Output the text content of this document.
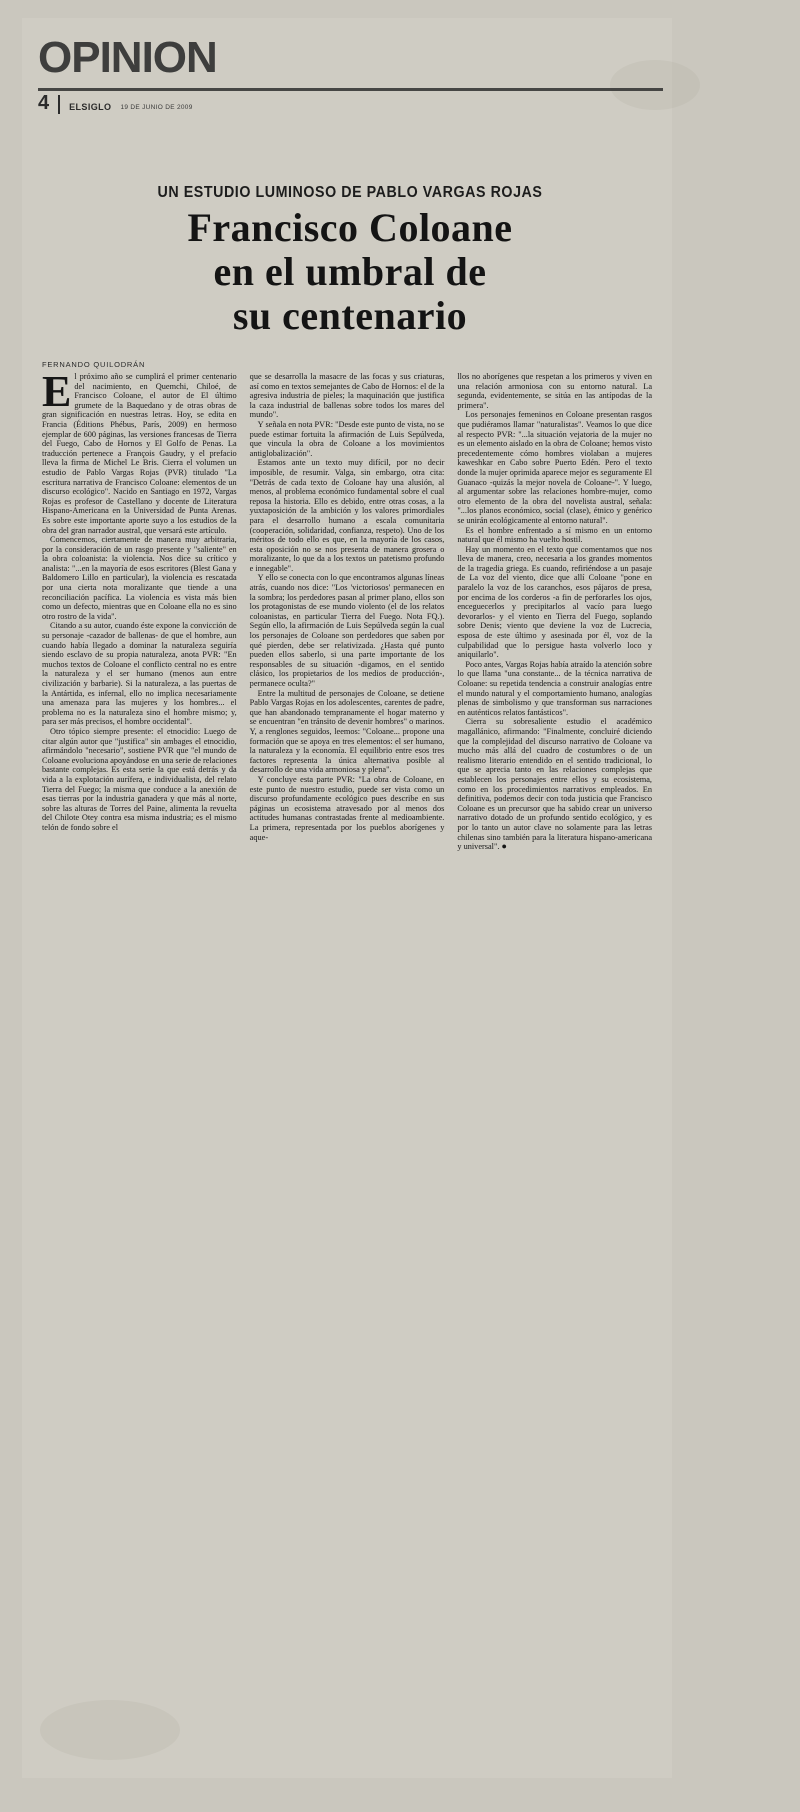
OPINION
4 ELSIGLO 19 DE JUNIO DE 2009
UN ESTUDIO LUMINOSO DE PABLO VARGAS ROJAS
Francisco Coloane
en el umbral de
su centenario
FERNANDO QUILODRÁN

El próximo año se cumplirá el primer centenario del nacimiento, en Quemchi, Chiloé, de Francisco Coloane, el autor de El último grumete de la Baquedano y de otras obras de gran significación en nuestras letras. Hoy, se edita en Francia (Éditions Phébus, París, 2009) en hermoso ejemplar de 600 páginas, las versiones francesas de Tierra del Fuego, Cabo de Hornos y El Golfo de Penas. La traducción pertenece a François Gaudry, y el prefacio lleva la firma de Michel Le Bris. Cierra el volumen un estudio de Pablo Vargas Rojas (PVR) titulado "La escritura narrativa de Francisco Coloane: elementos de un discurso ecológico". Nacido en Santiago en 1972, Vargas Rojas es profesor de Castellano y docente de Literatura Hispano-Americana en la Universidad de Punta Arenas. Es sobre este importante aporte suyo a los estudios de la obra del gran narrador austral, que versará este artículo.

Comencemos, ciertamente de manera muy arbitraria, por la consideración de un rasgo presente y "saliente" en la obra coloanista: la violencia. Nos dice su crítico y analista: "...en la mayoría de esos escritores (Blest Gana y Baldomero Lillo en particular), la violencia es rescatada por una cierta nota moralizante que tiende a una reconciliación pacífica. La violencia es vista más bien como un defecto, mientras que en Coloane ella no es sino otro rostro de la vida".

Citando a su autor, cuando éste expone la convicción de su personaje -cazador de ballenas- de que el hombre, aun cuando había llegado a dominar la naturaleza seguiría siendo esclavo de su propia naturaleza, anota PVR: "En muchos textos de Coloane el conflicto central no es entre la naturaleza y el ser humano (menos aun entre civilización y barbarie). Si la naturaleza, a las puertas de la Antártida, es infernal, ello no implica necesariamente una amenaza para las mujeres y los hombres... el problema no es la naturaleza sino el hombre mismo; y, para ser más precisos, el hombre occidental".

Otro tópico siempre presente: el etnocidio: Luego de citar algún autor que "justifica" sin ambages el etnocidio, afirmándolo "necesario", sostiene PVR que "el mundo de Coloane evoluciona apoyándose en una serie de relaciones bastante complejas. Es esta serie la que está detrás y da vida a la explotación aurífera, e individualista, del relato Tierra del Fuego; la misma que conduce a la anexión de esas tierras por la industria ganadera y que más al norte, sobre las alturas de Torres del Paine, alimenta la revuelta del Chilote Otey contra esa misma industria; es el mismo telón de fondo sobre el

que se desarrolla la masacre de las focas y sus criaturas, así como en textos semejantes de Cabo de Hornos: el de la agresiva industria de pieles; la maquinación que justifica la caza industrial de ballenas sobre todos los mares del mundo".

Y señala en nota PVR: "Desde este punto de vista, no se puede estimar fortuita la afirmación de Luis Sepúlveda, que vincula la obra de Coloane a los movimientos antiglobalización".

Estamos ante un texto muy difícil, por no decir imposible, de resumir. Valga, sin embargo, otra cita: "Detrás de cada texto de Coloane hay una alusión, al menos, al problema económico fundamental sobre el cual reposa la historia. Ello es debido, entre otras cosas, a la yuxtaposición de la ambición y los valores primordiales para el desarrollo humano a escala comunitaria (cooperación, solidaridad, confianza, respeto). Uno de los méritos de todo ello es que, en la mayoría de los casos, esta oposición no se nos presenta de manera grosera o moralizante, lo que da a los textos un patetismo profundo e innegable".

Y ello se conecta con lo que encontramos algunas líneas atrás, cuando nos dice: "Los 'victoriosos' permanecen en la sombra; los perdedores pasan al primer plano, ellos son los protagonistas de ese mundo violento (el de los relatos coloanistas, en particular Tierra del Fuego. Nota FQ.). Según ello, la afirmación de Luis Sepúlveda según la cual los personajes de Coloane son perdedores que saben por qué pierden, debe ser relativizada. ¿Hasta qué punto pueden ellos saberlo, si una parte importante de los responsables de su situación -digamos, en el sentido clásico, los propietarios de los medios de producción-, permanece oculta?"

Entre la multitud de personajes de Coloane, se detiene Pablo Vargas Rojas en los adolescentes, carentes de padre, que han abandonado tempranamente el hogar materno y se encuentran "en tránsito de devenir hombres" o marinos. Y, a renglones seguidos, leemos: "Coloane... propone una formación que se apoya en tres elementos: el ser humano, la naturaleza y la economía. El equilibrio entre esos tres factores representa la única alternativa posible al desarrollo de una vida armoniosa y plena".

Y concluye esta parte PVR: "La obra de Coloane, en este punto de nuestro estudio, puede ser vista como un discurso profundamente ecológico pues describe en sus páginas un ecosistema atravesado por al menos dos actitudes humanas contrastadas frente al medioambiente. La primera, representada por los pueblos aborígenes y aque-

llos no aborígenes que respetan a los primeros y viven en una relación armoniosa con su entorno natural. La segunda, evidentemente, se sitúa en las antípodas de la primera".

Los personajes femeninos en Coloane presentan rasgos que pudiéramos llamar "naturalistas". Veamos lo que dice al respecto PVR: "...la situación vejatoria de la mujer no es un elemento aislado en la obra de Coloane; hemos visto precedentemente cómo hombres violaban a mujeres kaweshkar en Cabo sobre Puerto Edén. Pero el texto donde la mujer oprimida aparece mejor es seguramente El Guanaco -quizás la mejor novela de Coloane-". Y luego, al argumentar sobre las relaciones hombre-mujer, como otro elemento de la obra del novelista austral, señala: "...los planos económico, social (clase), étnico y genérico se unirán ecológicamente al entorno natural".

Es el hombre enfrentado a sí mismo en un entorno natural que él mismo ha vuelto hostil.

Hay un momento en el texto que comentamos que nos lleva de manera, creo, necesaria a los grandes momentos de la tragedia griega. Es cuando, refiriéndose a un pasaje de La voz del viento, dice que allí Coloane "pone en paralelo la voz de los caranchos, esos pájaros de presa, por encima de los corderos -a fin de perforarles los ojos, enceguecerlos y precipitarlos al vacío para luego devorarlos- y el viento en Tierra del Fuego, soplando sobre Denis; viento que deviene la voz de Lucrecia, esposa de este último y asesinada por él, voz de la culpabilidad que lo persigue hasta volverlo loco y aniquilarlo".

Poco antes, Vargas Rojas había atraído la atención sobre lo que llama "una constante... de la técnica narrativa de Coloane: su repetida tendencia a construir analogías entre el mundo natural y el comportamiento humano, analogías plenas de simbolismo y que transforman sus narraciones en auténticos relatos fantásticos".

Cierra su sobresaliente estudio el académico magallánico, afirmando: "Finalmente, concluiré diciendo que la complejidad del discurso narrativo de Coloane va mucho más allá del cuadro de costumbres o de un realismo literario entendido en el sentido tradicional, lo que se aprecia tanto en las relaciones complejas que establecen los personajes entre ellos y su ecosistema, como en los procedimientos narrativos empleados. En definitiva, podemos decir con toda justicia que Francisco Coloane es un precursor que ha sabido crear un universo narrativo dotado de un profundo sentido ecológico, y es por lo tanto un autor clave no solamente para las letras chilenas sino también para la literatura hispano-americana y universal". ●
